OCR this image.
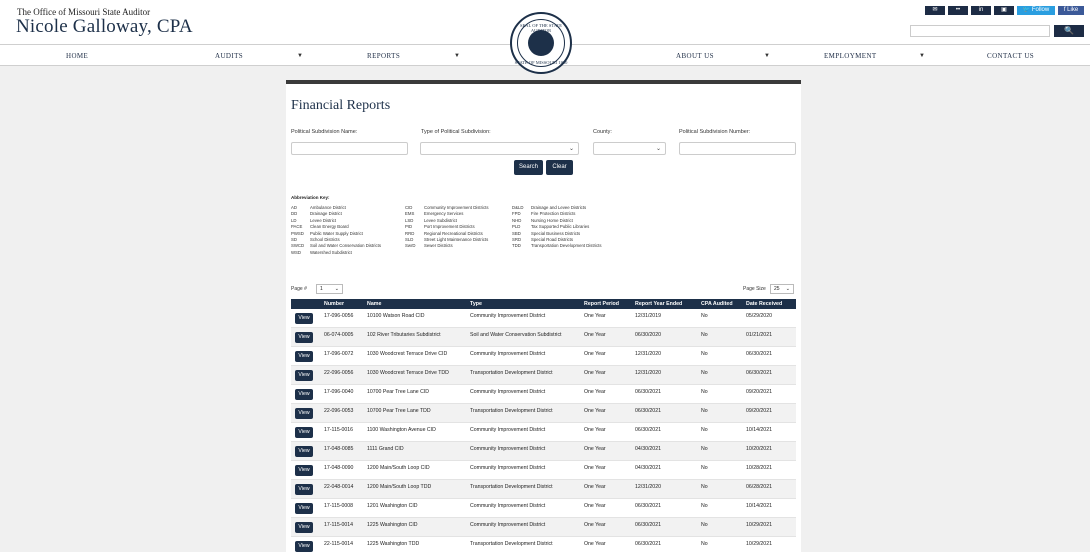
The Office of Missouri State Auditor
Nicole Galloway, CPA
✉	••	in	▣	🐦 Follow Us
f Like Us
🔍
HOME	AUDITS	▼	REPORTS	▼	ABOUT US	▼	EMPLOYMENT	▼	CONTACT US
SEAL OF THE STATE AUDITOR
STATE OF MISSOURI 1820
Financial Reports
Political Subdivision Name:	Type of Political Subdivision:	County:	Political Subdivision Number:
⌄	⌄
Search	Clear
Abbreviation Key:
AD	Ambulance District
DD	Drainage District
LD	Levee District
PACE Clean Energy Board
PWSD Public Water Supply District
SD	School Districts
SWCD Soil and Water Conservation Districts
WSD Watershed Subdistrict
CID	Community Improvement Districts
EMS Emergency Services
LSD Levee Subdistrict
PID	Port Improvement Districts
RRD Regional Recreational Districts
SLD Street Light Maintenance Districts
SwrD Sewer Districts
D&LD Drainage and Levee Districts
FPD Fire Protection Districts
NHD Nursing Home District
PLD Tax Supported Public Libraries
SBD Special Business Districts
SRD Special Road Districts
TDD Transportation Development Districts
Page #	1 ⌄	Page Size	25 ⌄
Number	Name	Type	Report Period	Report Year Ended	CPA Audited	Date Received
View	17-096-0056	10100 Watson Road CID	Community Improvement District	One Year	12/31/2019	No	05/29/2020
View	06-074-0005	102 River Tributaries Subdistrict	Soil and Water Conservation Subdistrict	One Year	06/30/2020	No	01/21/2021
View	17-096-0072	1030 Woodcrest Terrace Drive CID	Community Improvement District	One Year	12/31/2020	No	06/30/2021
View	22-096-0056	1030 Woodcrest Terrace Drive TDD	Transportation Development District	One Year	12/31/2020	No	06/30/2021
View	17-096-0040	10700 Pear Tree Lane CID	Community Improvement District	One Year	06/30/2021	No	09/20/2021
View	22-096-0053	10700 Pear Tree Lane TDD	Transportation Development District	One Year	06/30/2021	No	09/20/2021
View	17-115-0016	1100 Washington Avenue CID	Community Improvement District	One Year	06/30/2021	No	10/14/2021
View	17-048-0085	1111 Grand CID	Community Improvement District	One Year	04/30/2021	No	10/20/2021
View	17-048-0090	1200 Main/South Loop CID	Community Improvement District	One Year	04/30/2021	No	10/28/2021
View	22-048-0014	1200 Main/South Loop TDD	Transportation Development District	One Year	12/31/2020	No	06/28/2021
View	17-115-0008	1201 Washington CID	Community Improvement District	One Year	06/30/2021	No	10/14/2021
View	17-115-0014	1225 Washington CID	Community Improvement District	One Year	06/30/2021	No	10/29/2021
View	22-115-0014	1225 Washington TDD	Transportation Development District	One Year	06/30/2021	No	10/29/2021
